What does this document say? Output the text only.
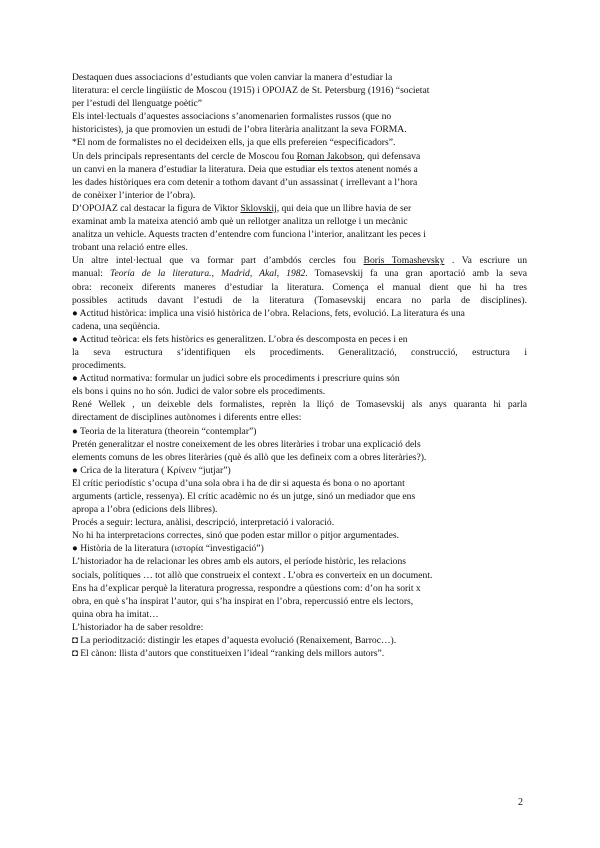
Destaquen dues associacions d’estudiants que volen canviar la manera d’estudiar la
literatura: el cercle lingüístic de Moscou (1915) i OPOJAZ de St. Petersburg (1916) “societat
per l’estudi del llenguatge poètic”
Els intel·lectuals d’aquestes associacions s’anomenarien formalistes russos (que no
historicistes), ja que promovien un estudi de l’obra literària analitzant la seva FORMA.
*El nom de formalistes no el decideixen ells, ja que ells prefereien “especificadors”.
Un dels principals representants del cercle de Moscou fou Roman Jakobson, qui defensava
un canvi en la manera d’estudiar la literatura. Deia que estudiar els textos atenent només a
les dades històriques era com detenir a tothom davant d’un assassinat ( irrellevant a l’hora
de conèixer l’interior de l’obra).
D’OPOJAZ cal destacar la figura de Viktor Sklovskij, qui deia que un llibre havia de ser
examinat amb la mateixa atenció amb què un rellotger analitza un rellotge i un mecànic
analitza un vehicle. Aquests tracten d’entendre com funciona l’interior, analitzant les peces i
trobant una relació entre elles.
Un altre intel·lectual que va formar part d’ambdós cercles fou Boris Tomashevsky . Va escriure un
manual: Teoría de la literatura., Madrid, Akal, 1982. Tomasevskij fa una gran aportació amb la seva
obra: reconeix diferents maneres d’estudiar la literatura. Comença el manual dient que hi ha tres
possibles actituds davant l’estudi de la literatura (Tomasevskij encara no parla de disciplines).
● Actitud històrica: implica una visió històrica de l’obra. Relacions, fets, evolució. La literatura és una
cadena, una seqüència.
● Actitud teòrica: els fets històrics es generalitzen. L’obra és descomposta en peces i en
la seva estructura s’identifiquen els procediments. Generalització, construcció, estructura i
procediments.
● Actitud normativa: formular un judici sobre els procediments i prescriure quins són
els bons i quins no ho són. Judici de valor sobre els procediments.
René Wellek , un deixeble dels formalistes, reprèn la lliçó de Tomasevskij als anys quaranta hi parla
directament de disciplines autònomes i diferents entre elles:
● Teoria de la literatura (theorein “contemplar”)
Pretén generalitzar el nostre coneixement de les obres literàries i trobar una explicació dels
elements comuns de les obres literàries (què és allò que les defineix com a obres literàries?).
● Crica de la literatura ( Κρίνειν “jutjar”)
El crític periodístic s’ocupa d’una sola obra i ha de dir si aquesta és bona o no aportant
arguments (article, ressenya). El crític acadèmic no és un jutge, sinó un mediador que ens
apropa a l’obra (edicions dels llibres).
Procés a seguir: lectura, anàlisi, descripció, interpretació i valoració.
No hi ha interpretacions correctes, sinó que poden estar millor o pitjor argumentades.
● Història de la literatura (ιστορία “investigació”)
L’historiador ha de relacionar les obres amb els autors, el període històric, les relacions
socials, polítiques … tot allò que construeix el context . L’obra es converteix en un document.
Ens ha d’explicar perquè la literatura progressa, respondre a qüestions com: d’on ha sorit x
obra, en què s’ha inspirat l’autor, qui s’ha inspirat en l’obra, repercussió entre els lectors,
quina obra ha imitat…
L’historiador ha de saber resoldre:
◘ La periodització: distingir les etapes d’aquesta evolució (Renaixement, Barroc…).
◘ El cànon: llista d’autors que constitueixen l’ideal “ranking dels millors autors”.
2
